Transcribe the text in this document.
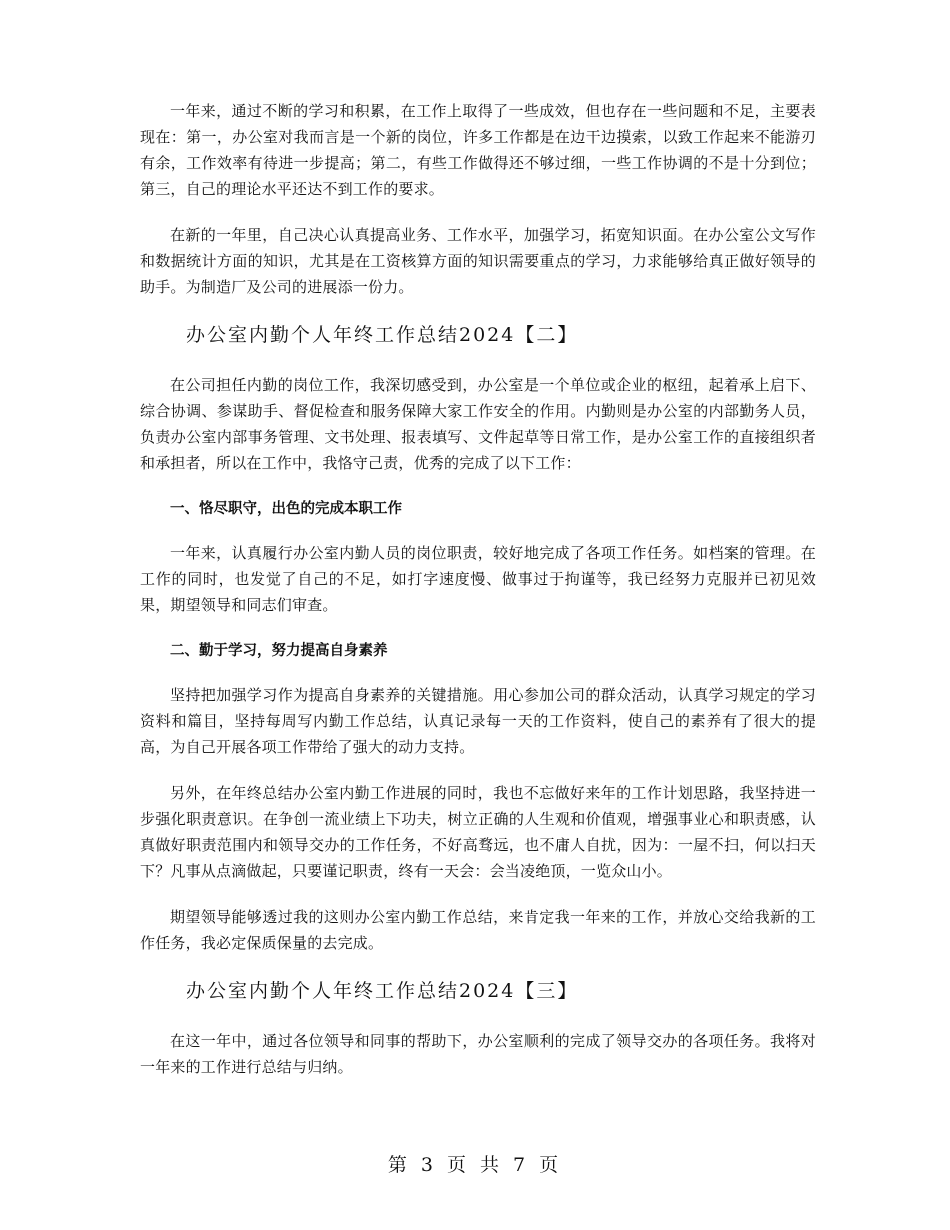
一年来，通过不断的学习和积累，在工作上取得了一些成效，但也存在一些问题和不足，主要表现在：第一，办公室对我而言是一个新的岗位，许多工作都是在边干边摸索，以致工作起来不能游刃有余，工作效率有待进一步提高；第二，有些工作做得还不够过细，一些工作协调的不是十分到位；第三，自己的理论水平还达不到工作的要求。

在新的一年里，自己决心认真提高业务、工作水平，加强学习，拓宽知识面。在办公室公文写作和数据统计方面的知识，尤其是在工资核算方面的知识需要重点的学习，力求能够给真正做好领导的助手。为制造厂及公司的进展添一份力。

办公室内勤个人年终工作总结2024【二】

在公司担任内勤的岗位工作，我深切感受到，办公室是一个单位或企业的枢纽，起着承上启下、综合协调、参谋助手、督促检查和服务保障大家工作安全的作用。内勤则是办公室的内部勤务人员，负责办公室内部事务管理、文书处理、报表填写、文件起草等日常工作，是办公室工作的直接组织者和承担者，所以在工作中，我恪守己责，优秀的完成了以下工作：

一、恪尽职守，出色的完成本职工作

一年来，认真履行办公室内勤人员的岗位职责，较好地完成了各项工作任务。如档案的管理。在工作的同时，也发觉了自己的不足，如打字速度慢、做事过于拘谨等，我已经努力克服并已初见效果，期望领导和同志们审查。

二、勤于学习，努力提高自身素养

坚持把加强学习作为提高自身素养的关键措施。用心参加公司的群众活动，认真学习规定的学习资料和篇目，坚持每周写内勤工作总结，认真记录每一天的工作资料，使自己的素养有了很大的提高，为自己开展各项工作带给了强大的动力支持。

另外，在年终总结办公室内勤工作进展的同时，我也不忘做好来年的工作计划思路，我坚持进一步强化职责意识。在争创一流业绩上下功夫，树立正确的人生观和价值观，增强事业心和职责感，认真做好职责范围内和领导交办的工作任务，不好高骛远，也不庸人自扰，因为：一屋不扫，何以扫天下？凡事从点滴做起，只要谨记职责，终有一天会：会当凌绝顶，一览众山小。

期望领导能够透过我的这则办公室内勤工作总结，来肯定我一年来的工作，并放心交给我新的工作任务，我必定保质保量的去完成。

办公室内勤个人年终工作总结2024【三】

在这一年中，通过各位领导和同事的帮助下，办公室顺利的完成了领导交办的各项任务。我将对一年来的工作进行总结与归纳。

第 3 页 共 7 页
